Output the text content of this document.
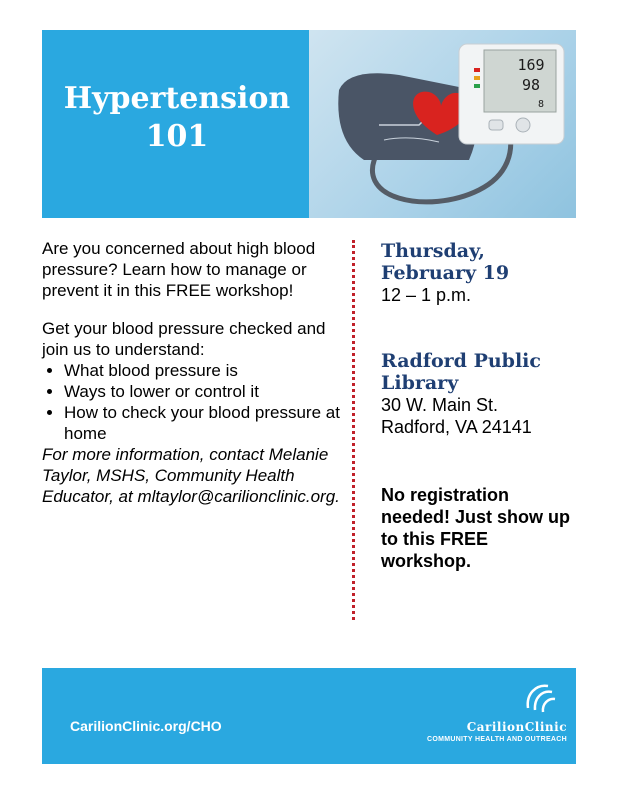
Hypertension
101
169
98
8

Are you concerned about high blood pressure? Learn how to manage or prevent it in this FREE workshop!

Get your blood pressure checked and join us to understand:

• What blood pressure is
• Ways to lower or control it
• How to check your blood pressure at home

For more information, contact Melanie Taylor, MSHS, Community Health Educator, at mltaylor@carilionclinic.org.

Thursday,

February 19

12 – 1 p.m.

Radford Public

Library

30 W. Main St.

Radford, VA 24141

No registration needed! Just show up to this FREE workshop.

CarilionClinic.org/CHO	CarilionClinic
COMMUNITY HEALTH AND OUTREACH
